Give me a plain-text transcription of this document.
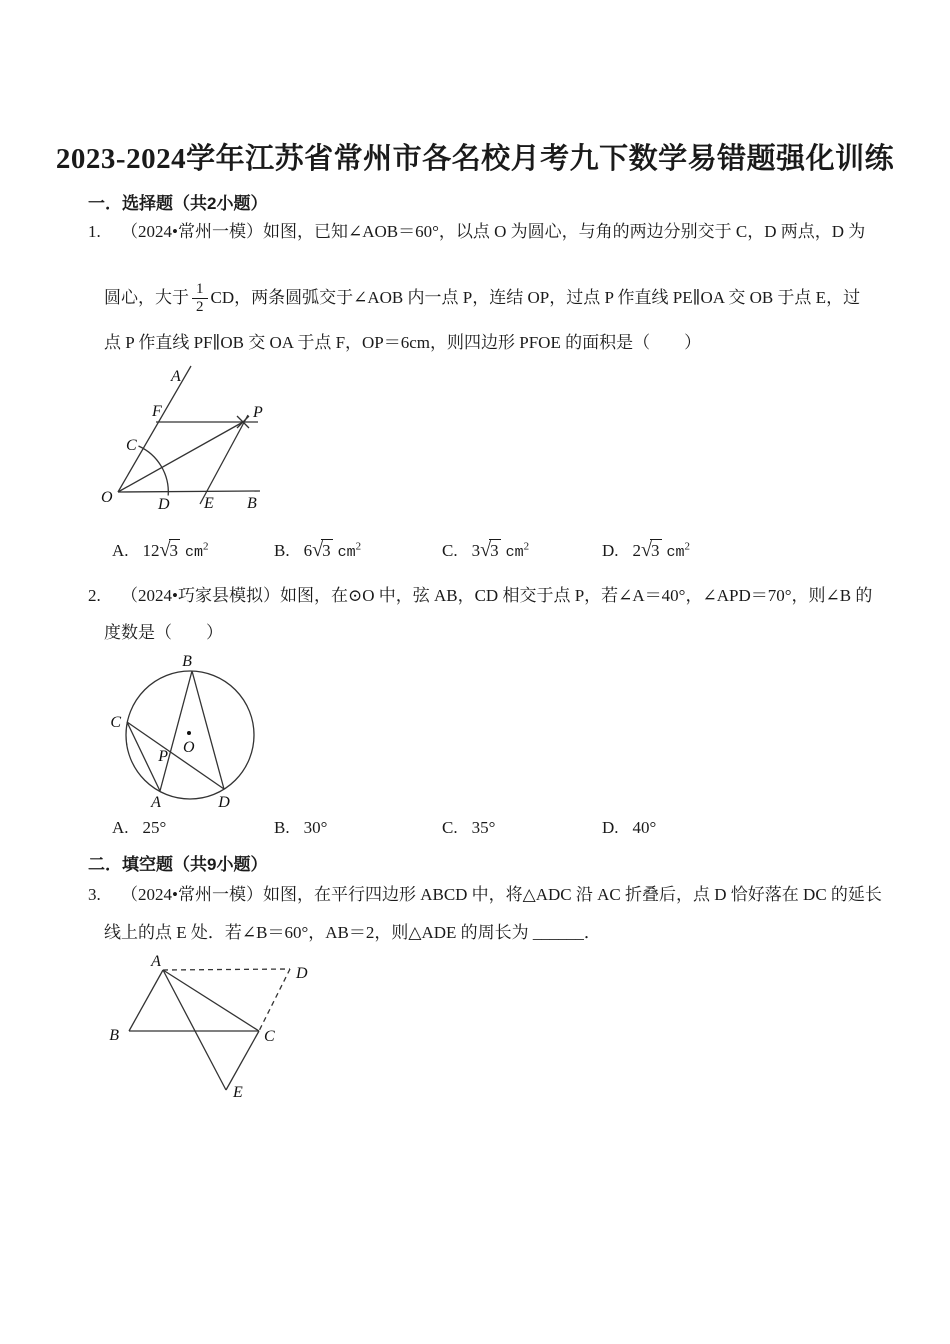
2023-2024学年江苏省常州市各名校月考九下数学易错题强化训练
一．选择题（共2小题）
1. （2024•常州一模）如图，已知∠AOB＝60°，以点 O 为圆心，与角的两边分别交于 C，D 两点，D 为
圆心，大于 $\frac{1}{2}$ CD，两条圆弧交于∠AOB 内一点 P，连结 OP，过点 P 作直线 PE∥OA 交 OB 于点 E，过
点 P 作直线 PF∥OB 交 OA 于点 F，OP＝6cm，则四边形 PFOE 的面积是（　　）
A
F	P
C
O	D E B
A. 12√3 $cm^2$	B. 6√3 $cm^2$	C. 3√3 $cm^2$	D. 2√3 $cm^2$
2. （2024•巧家县模拟）如图，在⊙O 中，弦 AB，CD 相交于点 P，若∠A＝40°，∠APD＝70°，则∠B 的
度数是（　　）
B
C
O
P
A	D
A. 25°	B. 30°	C. 35°	D. 40°
二．填空题（共9小题）
3. （2024•常州一模）如图，在平行四边形 ABCD 中，将△ADC 沿 AC 折叠后，点 D 恰好落在 DC 的延长
线上的点 E 处．若∠B＝60°，AB＝2，则△ADE 的周长为 ______．
A
D
B	C
E
